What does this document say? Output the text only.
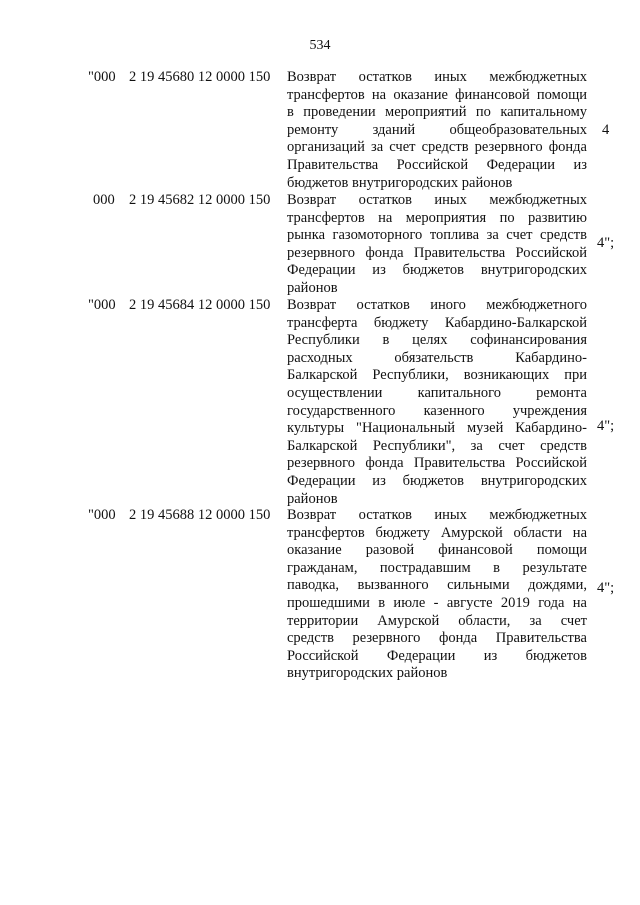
534
"000 2 19 45680 12 0000 150 Возврат остатков иных межбюджетных
трансфертов на оказание финансовой помощи
в проведении мероприятий по капитальному
ремонту зданий общеобразовательных
организаций за счет средств резервного фонда
Правительства Российской Федерации из
бюджетов внутригородских районов
4
000 2 19 45682 12 0000 150 Возврат остатков иных межбюджетных
трансфертов на мероприятия по развитию
рынка газомоторного топлива за счет средств
резервного фонда Правительства Российской
Федерации из бюджетов внутригородских
районов
4";
"000 2 19 45684 12 0000 150 Возврат остатков иного межбюджетного
трансферта бюджету Кабардино-Балкарской
Республики в целях софинансирования
расходных обязательств Кабардино-
Балкарской Республики, возникающих при
осуществлении капитального ремонта
государственного казенного учреждения
культуры "Национальный музей Кабардино-
Балкарской Республики", за счет средств
резервного фонда Правительства Российской
Федерации из бюджетов внутригородских
районов
4";
"000 2 19 45688 12 0000 150 Возврат остатков иных межбюджетных
трансфертов бюджету Амурской области на
оказание разовой финансовой помощи
гражданам, пострадавшим в результате
паводка, вызванного сильными дождями,
прошедшими в июле - августе 2019 года на
территории Амурской области, за счет
средств резервного фонда Правительства
Российской Федерации из бюджетов
внутригородских районов
4";
